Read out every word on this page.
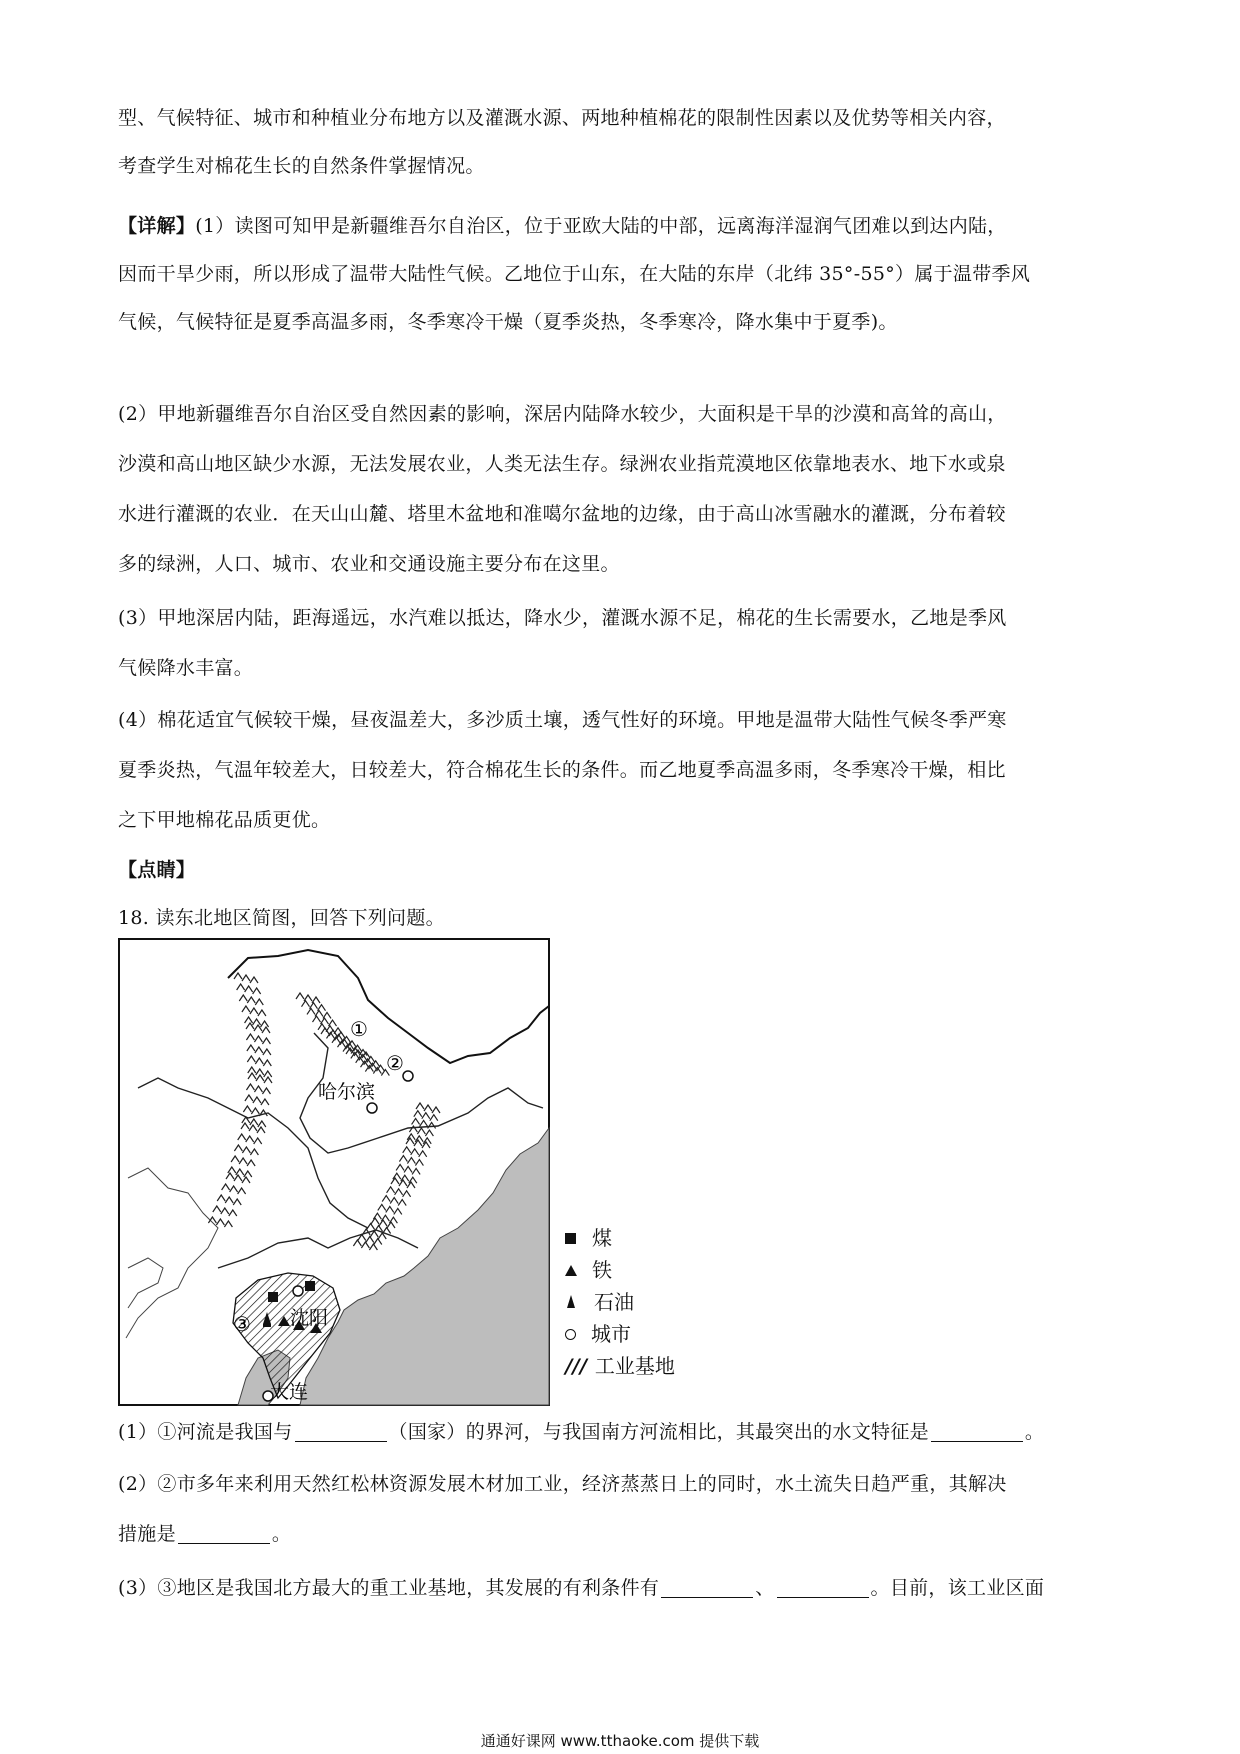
型、气候特征、城市和种植业分布地方以及灌溉水源、两地种植棉花的限制性因素以及优势等相关内容，
考查学生对棉花生长的自然条件掌握情况。
【详解】(1）读图可知甲是新疆维吾尔自治区，位于亚欧大陆的中部，远离海洋湿润气团难以到达内陆，
因而干旱少雨，所以形成了温带大陆性气候。乙地位于山东，在大陆的东岸（北纬 35°-55°）属于温带季风
气候，气候特征是夏季高温多雨，冬季寒冷干燥（夏季炎热，冬季寒冷，降水集中于夏季)。
(2）甲地新疆维吾尔自治区受自然因素的影响，深居内陆降水较少，大面积是干旱的沙漠和高耸的高山，
沙漠和高山地区缺少水源，无法发展农业，人类无法生存。绿洲农业指荒漠地区依靠地表水、地下水或泉
水进行灌溉的农业．在天山山麓、塔里木盆地和准噶尔盆地的边缘，由于高山冰雪融水的灌溉，分布着较
多的绿洲，人口、城市、农业和交通设施主要分布在这里。
(3）甲地深居内陆，距海遥远，水汽难以抵达，降水少，灌溉水源不足，棉花的生长需要水，乙地是季风
气候降水丰富。
(4）棉花适宜气候较干燥，昼夜温差大，多沙质土壤，透气性好的环境。甲地是温带大陆性气候冬季严寒
夏季炎热，气温年较差大，日较差大，符合棉花生长的条件。而乙地夏季高温多雨，冬季寒冷干燥，相比
之下甲地棉花品质更优。
【点睛】
18. 读东北地区简图，回答下列问题。
①
②
③
哈尔滨
沈阳
大连
煤
铁
石油
城市
/// 工业基地
(1）①河流是我国与	（国家）的界河，与我国南方河流相比，其最突出的水文特征是	。
(2）②市多年来利用天然红松林资源发展木材加工业，经济蒸蒸日上的同时，水土流失日趋严重，其解决
措施是	。
(3）③地区是我国北方最大的重工业基地，其发展的有利条件有	、	。目前，该工业区面
通通好课网 www.tthaoke.com 提供下载
